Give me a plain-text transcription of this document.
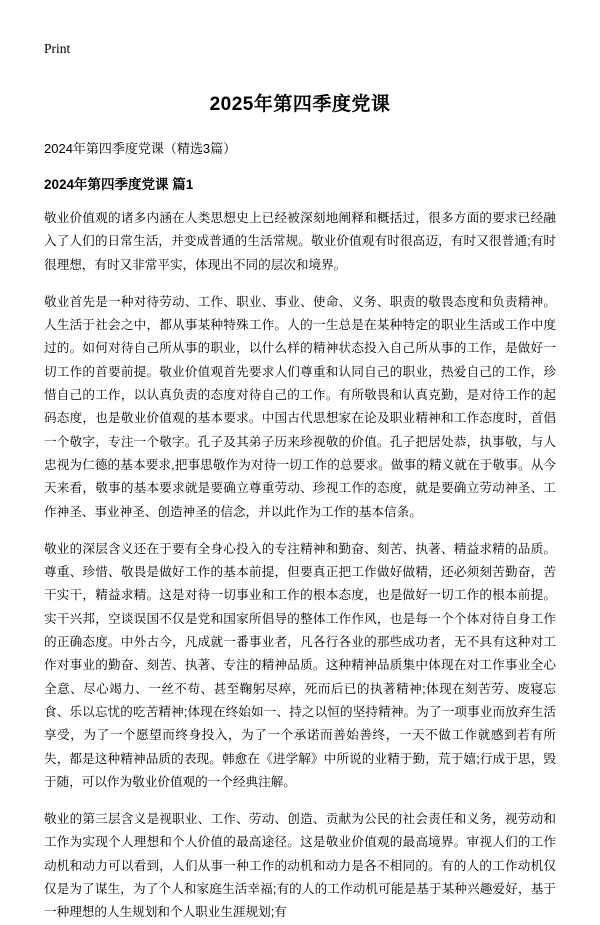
Print
2025年第四季度党课
2024年第四季度党课（精选3篇）
2024年第四季度党课 篇1

敬业价值观的诸多内涵在人类思想史上已经被深刻地阐释和概括过，很多方面的要求已经融入了人们的日常生活，并变成普通的生活常规。敬业价值观有时很高迈，有时又很普通;有时很理想，有时又非常平实，体现出不同的层次和境界。

敬业首先是一种对待劳动、工作、职业、事业、使命、义务、职责的敬畏态度和负责精神。人生活于社会之中，都从事某种特殊工作。人的一生总是在某种特定的职业生活或工作中度过的。如何对待自己所从事的职业，以什么样的精神状态投入自己所从事的工作，是做好一切工作的首要前提。敬业价值观首先要求人们尊重和认同自己的职业，热爱自己的工作，珍惜自己的工作，以认真负责的态度对待自己的工作。有所敬畏和认真克勤，是对待工作的起码态度，也是敬业价值观的基本要求。中国古代思想家在论及职业精神和工作态度时，首倡一个敬字，专注一个敬字。孔子及其弟子历来珍视敬的价值。孔子把居处恭，执事敬，与人忠视为仁德的基本要求,把事思敬作为对待一切工作的总要求。做事的精义就在于敬事。从今天来看，敬事的基本要求就是要确立尊重劳动、珍视工作的态度，就是要确立劳动神圣、工作神圣、事业神圣、创造神圣的信念，并以此作为工作的基本信条。

敬业的深层含义还在于要有全身心投入的专注精神和勤奋、刻苦、执著、精益求精的品质。尊重、珍惜、敬畏是做好工作的基本前提，但要真正把工作做好做精，还必须刻苦勤奋，苦干实干，精益求精。这是对待一切事业和工作的根本态度，也是做好一切工作的根本前提。实干兴邦，空谈误国不仅是党和国家所倡导的整体工作作风，也是每一个个体对待自身工作的正确态度。中外古今，凡成就一番事业者，凡各行各业的那些成功者，无不具有这种对工作对事业的勤奋、刻苦、执著、专注的精神品质。这种精神品质集中体现在对工作事业全心全意、尽心竭力、一丝不苟、甚至鞠躬尽瘁，死而后已的执著精神;体现在刻苦劳、废寝忘食、乐以忘忧的吃苦精神;体现在终始如一、持之以恒的坚持精神。为了一项事业而放弃生活享受，为了一个愿望而终身投入，为了一个承诺而善始善终，一天不做工作就感到若有所失，都是这种精神品质的表现。韩愈在《进学解》中所说的业精于勤，荒于嬉;行成于思，毁于随，可以作为敬业价值观的一个经典注解。

敬业的第三层含义是视职业、工作、劳动、创造、贡献为公民的社会责任和义务，视劳动和工作为实现个人理想和个人价值的最高途径。这是敬业价值观的最高境界。审视人们的工作动机和动力可以看到，人们从事一种工作的动机和动力是各不相同的。有的人的工作动机仅仅是为了谋生，为了个人和家庭生活幸福;有的人的工作动机可能是基于某种兴趣爱好，基于一种理想的人生规划和个人职业生涯规划;有
